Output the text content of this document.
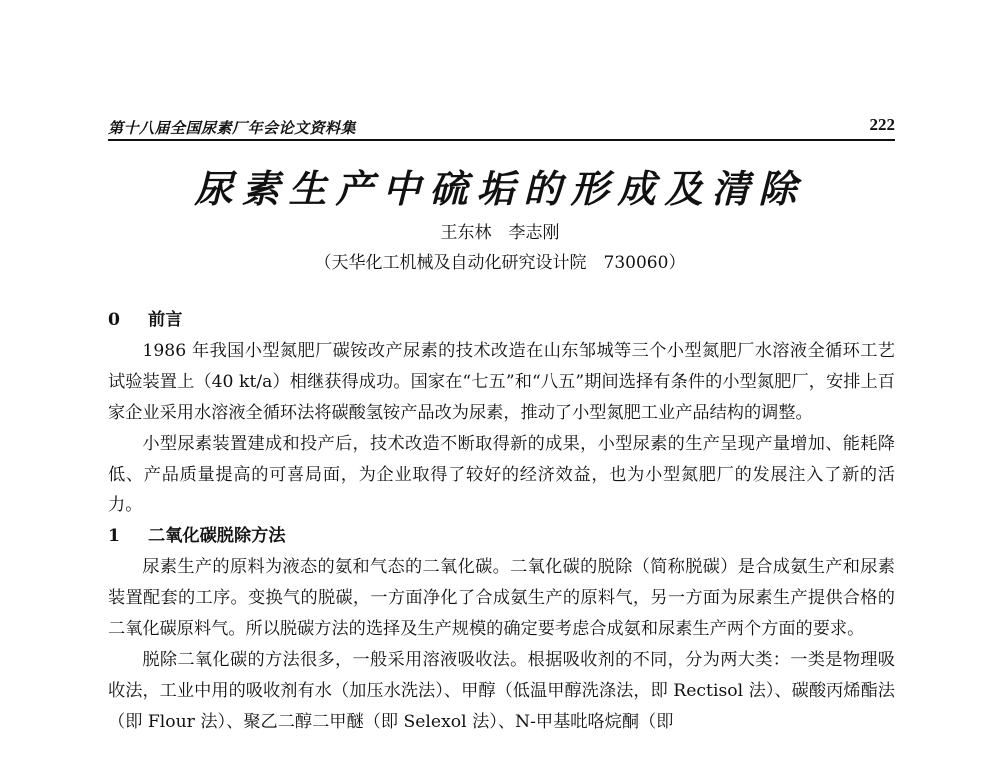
第十八届全国尿素厂年会论文资料集	222
尿素生产中硫垢的形成及清除
王东林　李志刚
（天华化工机械及自动化研究设计院　730060）

0 前言

1986 年我国小型氮肥厂碳铵改产尿素的技术改造在山东邹城等三个小型氮肥厂水溶液全循环工艺试验装置上（40 kt/a）相继获得成功。国家在“七五”和“八五”期间选择有条件的小型氮肥厂，安排上百家企业采用水溶液全循环法将碳酸氢铵产品改为尿素，推动了小型氮肥工业产品结构的调整。

小型尿素装置建成和投产后，技术改造不断取得新的成果，小型尿素的生产呈现产量增加、能耗降低、产品质量提高的可喜局面，为企业取得了较好的经济效益，也为小型氮肥厂的发展注入了新的活力。

1 二氧化碳脱除方法

尿素生产的原料为液态的氨和气态的二氧化碳。二氧化碳的脱除（简称脱碳）是合成氨生产和尿素装置配套的工序。变换气的脱碳，一方面净化了合成氨生产的原料气，另一方面为尿素生产提供合格的二氧化碳原料气。所以脱碳方法的选择及生产规模的确定要考虑合成氨和尿素生产两个方面的要求。

脱除二氧化碳的方法很多，一般采用溶液吸收法。根据吸收剂的不同，分为两大类：一类是物理吸收法，工业中用的吸收剂有水（加压水洗法）、甲醇（低温甲醇洗涤法，即 Rectisol 法）、碳酸丙烯酯法（即 Flour 法）、聚乙二醇二甲醚（即 Selexol 法）、N-甲基吡咯烷酮（即
